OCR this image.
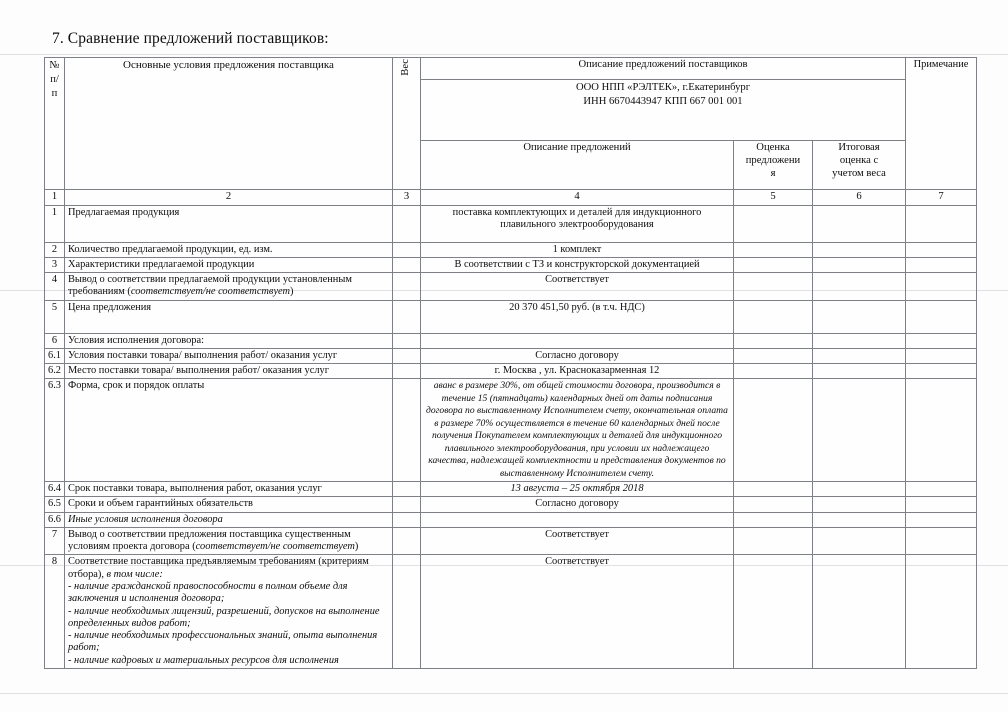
7. Сравнение предложений поставщиков:
№
п/
п	Основные условия предложения поставщика	Вес	Описание предложений поставщиков			Примечание

			ООО НПП «РЭЛТЕК», г.Екатеринбург
ИНН 6670443947 КПП 667 001 001			

			Описание предложений	Оценка
предложени
я	Итоговая
оценка с
учетом веса	

1	2	3	4	5	6	7
1	Предлагаемая продукция		поставка комплектующих и деталей для индукционного плавильного электрооборудования			
2	Количество предлагаемой продукции, ед. изм.		1 комплект			
3	Характеристики предлагаемой продукции		В соответствии с ТЗ и конструкторской документацией			
4	Вывод о соответствии предлагаемой продукции установленным требованиям (соответствует/не соответствует)		Соответствует			
5	Цена предложения		20 370 451,50 руб. (в т.ч. НДС)			
6	Условия исполнения договора:					
6.1	Условия поставки товара/ выполнения работ/ оказания услуг		Согласно договору			
6.2	Место поставки товара/ выполнения работ/ оказания услуг		г. Москва , ул. Красноказарменная 12			
6.3	Форма, срок и порядок оплаты		аванс в размере 30%, от общей стоимости договора, производится в течение 15 (пятнадцать) календарных дней от даты подписания договора по выставленному Исполнителем счету, окончательная оплата в размере 70% осуществляется в течение 60 календарных дней после получения Покупателем комплектующих и деталей для индукционного плавильного электрооборудования, при условии их надлежащего качества, надлежащей комплектности и представления документов по выставленному Исполнителем счету.			
6.4	Срок поставки товара, выполнения работ, оказания услуг		13 августа – 25 октября 2018			
6.5	Сроки и объем гарантийных обязательств		Согласно договору			
6.6	Иные условия исполнения договора					
7	Вывод о соответствии предложения поставщика существенным условиям проекта договора (соответствует/не соответствует)		Соответствует			
8	Соответствие поставщика предъявляемым требованиям (критериям отбора), в том числе:
- наличие гражданской правоспособности в полном объеме для заключения и исполнения договора;
- наличие необходимых лицензий, разрешений, допусков на выполнение определенных видов работ;
- наличие необходимых профессиональных знаний, опыта выполнения работ;
- наличие кадровых и материальных ресурсов для исполнения		Соответствует			
